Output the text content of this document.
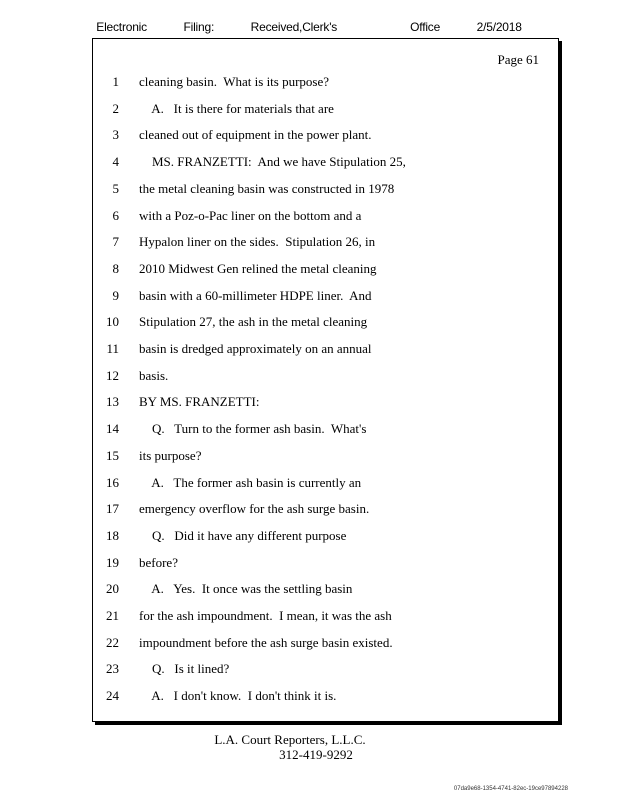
Electronic    Filing:    Received,Clerk's        Office    2/5/2018
Page 61
1 cleaning basin.  What is its purpose?
2 A.   It is there for materials that are
3 cleaned out of equipment in the power plant.
4 MS. FRANZETTI:  And we have Stipulation 25,
5 the metal cleaning basin was constructed in 1978
6 with a Poz-o-Pac liner on the bottom and a
7 Hypalon liner on the sides.  Stipulation 26, in
8 2010 Midwest Gen relined the metal cleaning
9 basin with a 60-millimeter HDPE liner.  And
10 Stipulation 27, the ash in the metal cleaning
11 basin is dredged approximately on an annual
12 basis.
13 BY MS. FRANZETTI:
14 Q.   Turn to the former ash basin.  What's
15 its purpose?
16 A.   The former ash basin is currently an
17 emergency overflow for the ash surge basin.
18 Q.   Did it have any different purpose
19 before?
20 A.   Yes.  It once was the settling basin
21 for the ash impoundment.  I mean, it was the ash
22 impoundment before the ash surge basin existed.
23 Q.   Is it lined?
24 A.   I don't know.  I don't think it is.
L.A. Court Reporters, L.L.C.
312-419-9292
07da9e68-1354-4741-82ec-19ce97894228
